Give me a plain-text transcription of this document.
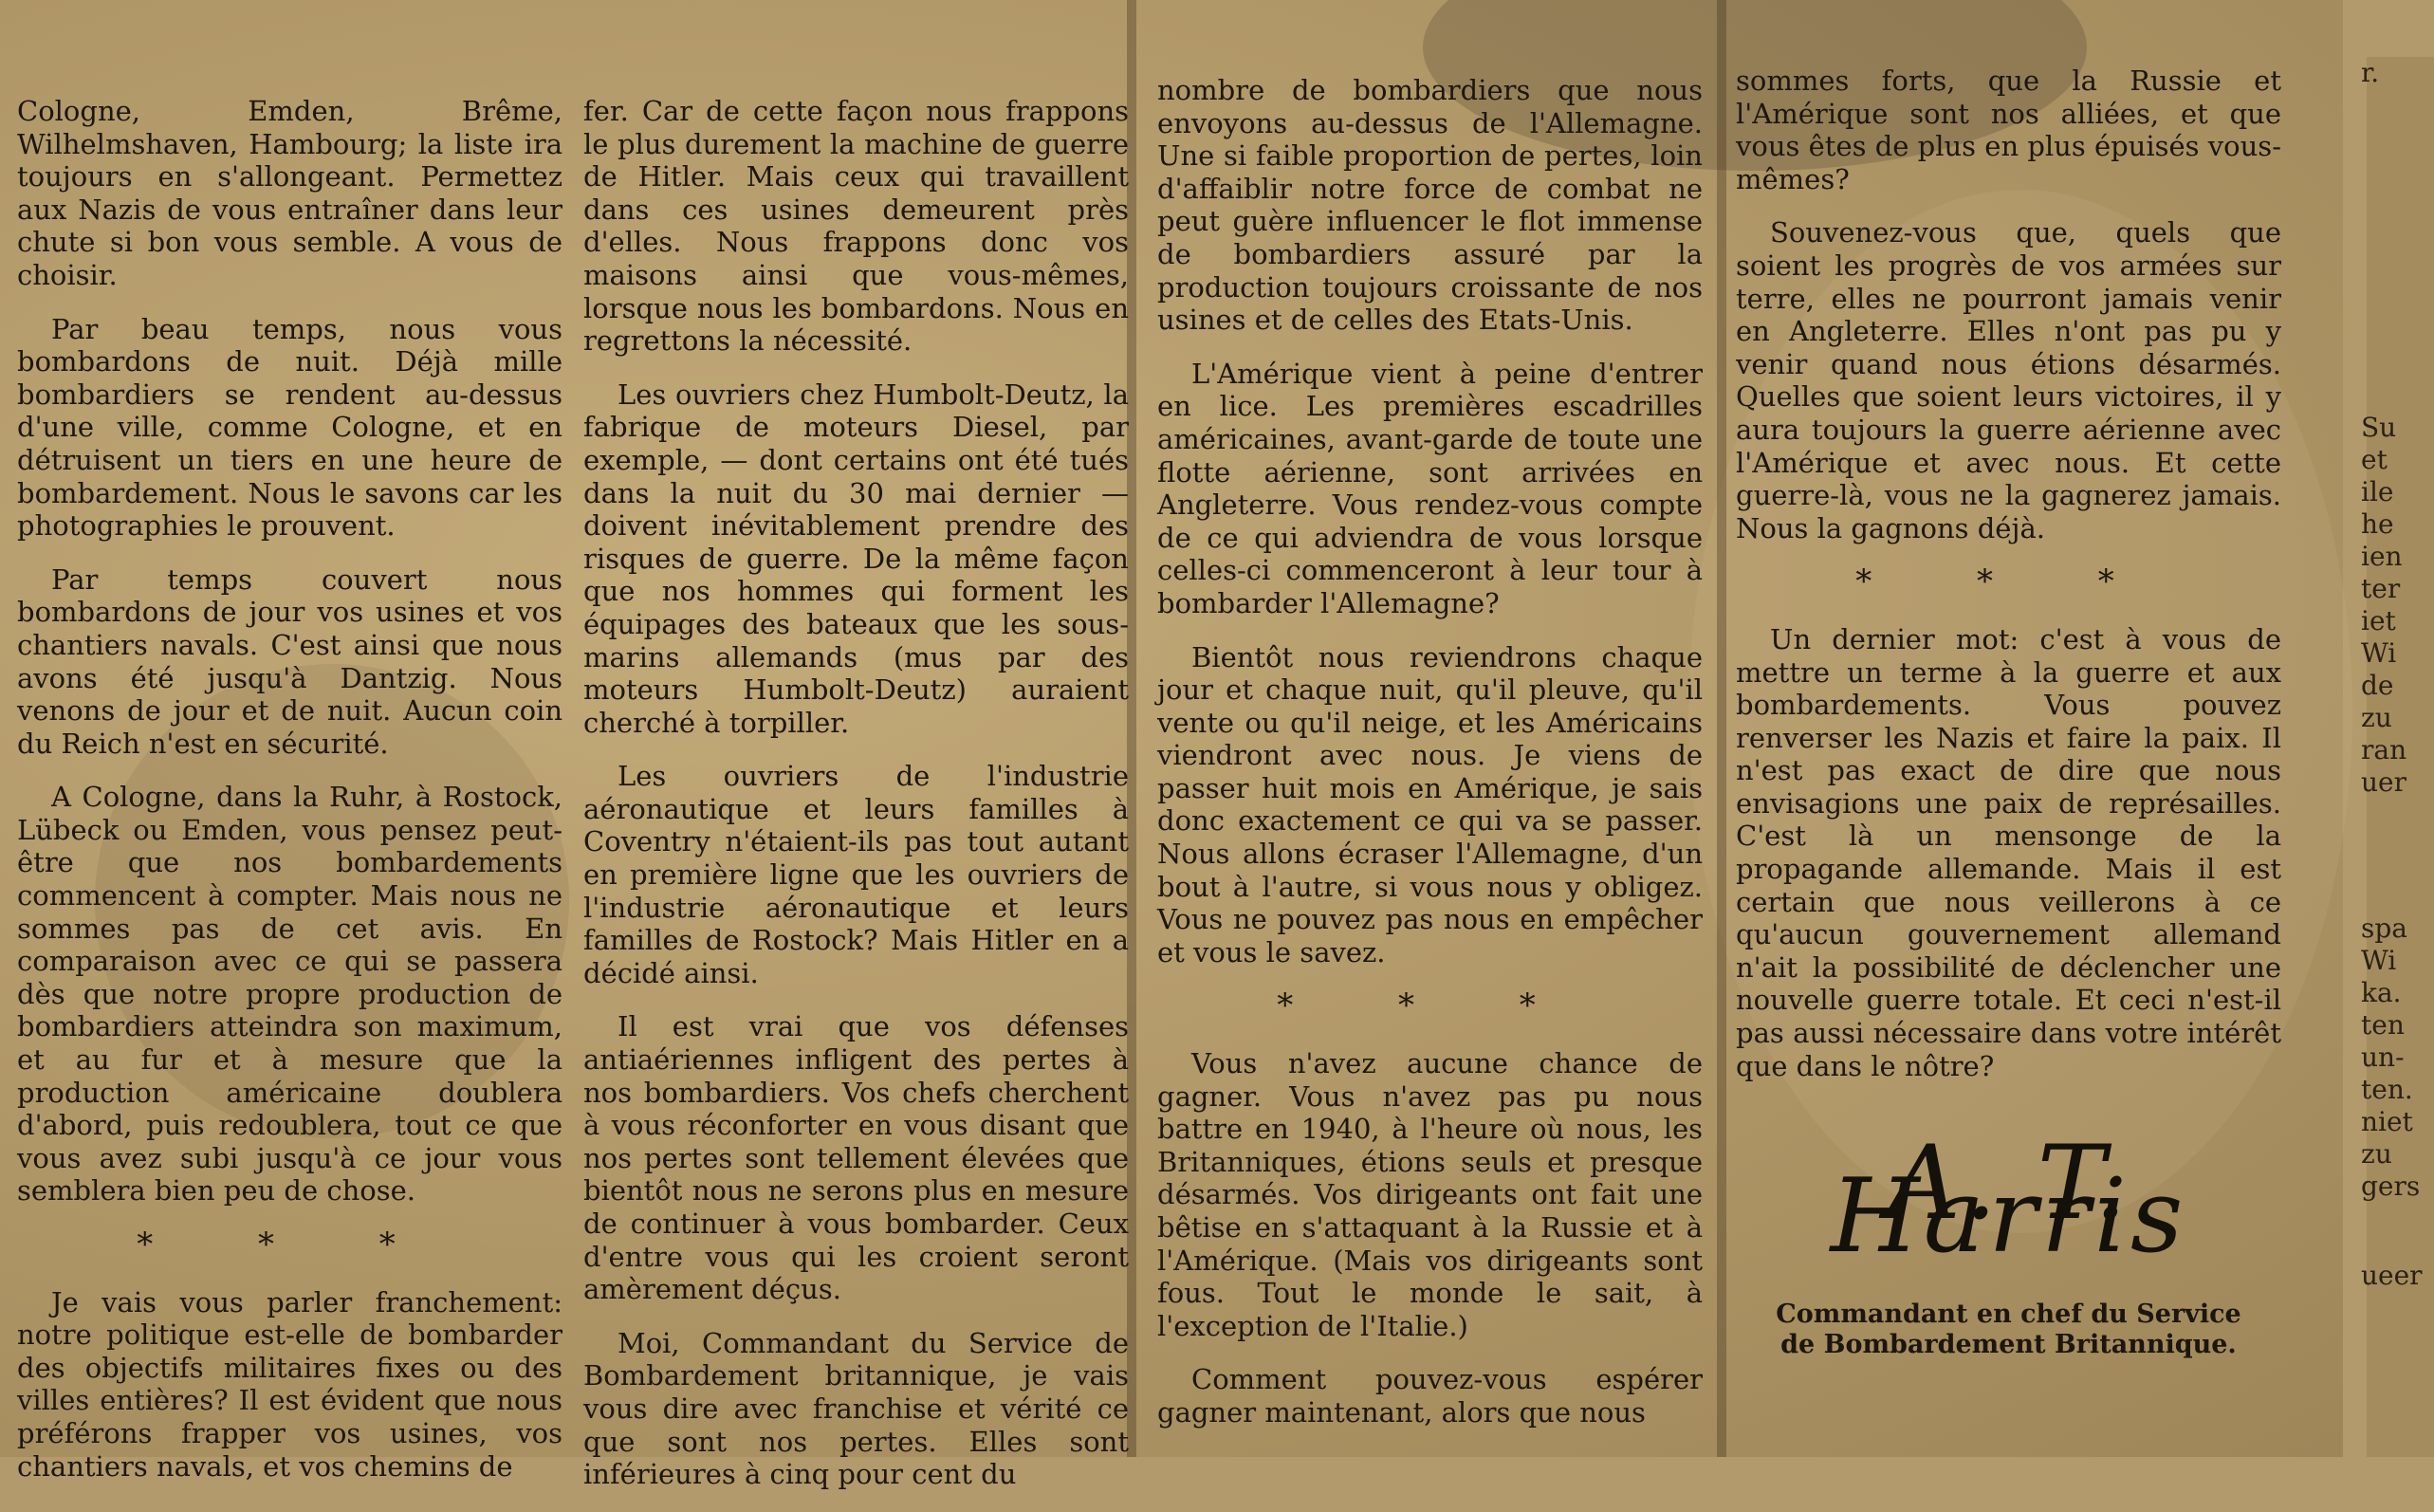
Cologne, Emden, Brême, Wilhelmshaven, Hambourg; la liste ira toujours en s'allongeant. Permettez aux Nazis de vous entraîner dans leur chute si bon vous semble. A vous de choisir.

Par beau temps, nous vous bombardons de nuit. Déjà mille bombardiers se rendent au-dessus d'une ville, comme Cologne, et en détruisent un tiers en une heure de bombardement. Nous le savons car les photographies le prouvent.

Par temps couvert nous bombardons de jour vos usines et vos chantiers navals. C'est ainsi que nous avons été jusqu'à Dantzig. Nous venons de jour et de nuit. Aucun coin du Reich n'est en sécurité.

A Cologne, dans la Ruhr, à Rostock, Lübeck ou Emden, vous pensez peut-être que nos bombardements commencent à compter. Mais nous ne sommes pas de cet avis. En comparaison avec ce qui se passera dès que notre propre production de bombardiers atteindra son maximum, et au fur et à mesure que la production américaine doublera d'abord, puis redoublera, tout ce que vous avez subi jusqu'à ce jour vous semblera bien peu de chose.

* * *

Je vais vous parler franchement: notre politique est-elle de bombarder des objectifs militaires fixes ou des villes entières? Il est évident que nous préférons frapper vos usines, vos chantiers navals, et vos chemins de

fer. Car de cette façon nous frappons le plus durement la machine de guerre de Hitler. Mais ceux qui travaillent dans ces usines demeurent près d'elles. Nous frappons donc vos maisons ainsi que vous-mêmes, lorsque nous les bombardons. Nous en regrettons la nécessité.

Les ouvriers chez Humbolt-Deutz, la fabrique de moteurs Diesel, par exemple, — dont certains ont été tués dans la nuit du 30 mai dernier — doivent inévitablement prendre des risques de guerre. De la même façon que nos hommes qui forment les équipages des bateaux que les sous-marins allemands (mus par des moteurs Humbolt-Deutz) auraient cherché à torpiller.

Les ouvriers de l'industrie aéronautique et leurs familles à Coventry n'étaient-ils pas tout autant en première ligne que les ouvriers de l'industrie aéronautique et leurs familles de Rostock? Mais Hitler en a décidé ainsi.

Il est vrai que vos défenses antiaériennes infligent des pertes à nos bombardiers. Vos chefs cherchent à vous réconforter en vous disant que nos pertes sont tellement élevées que bientôt nous ne serons plus en mesure de continuer à vous bombarder. Ceux d'entre vous qui les croient seront amèrement déçus.

Moi, Commandant du Service de Bombardement britannique, je vais vous dire avec franchise et vérité ce que sont nos pertes. Elles sont inférieures à cinq pour cent du

nombre de bombardiers que nous envoyons au-dessus de l'Allemagne. Une si faible proportion de pertes, loin d'affaiblir notre force de combat ne peut guère influencer le flot immense de bombardiers assuré par la production toujours croissante de nos usines et de celles des Etats-Unis.

L'Amérique vient à peine d'entrer en lice. Les premières escadrilles américaines, avant-garde de toute une flotte aérienne, sont arrivées en Angleterre. Vous rendez-vous compte de ce qui adviendra de vous lorsque celles-ci commenceront à leur tour à bombarder l'Allemagne?

Bientôt nous reviendrons chaque jour et chaque nuit, qu'il pleuve, qu'il vente ou qu'il neige, et les Américains viendront avec nous. Je viens de passer huit mois en Amérique, je sais donc exactement ce qui va se passer. Nous allons écraser l'Allemagne, d'un bout à l'autre, si vous nous y obligez. Vous ne pouvez pas nous en empêcher et vous le savez.

* * *

Vous n'avez aucune chance de gagner. Vous n'avez pas pu nous battre en 1940, à l'heure où nous, les Britanniques, étions seuls et presque désarmés. Vos dirigeants ont fait une bêtise en s'attaquant à la Russie et à l'Amérique. (Mais vos dirigeants sont fous. Tout le monde le sait, à l'exception de l'Italie.)

Comment pouvez-vous espérer gagner maintenant, alors que nous

sommes forts, que la Russie et l'Amérique sont nos alliées, et que vous êtes de plus en plus épuisés vous-mêmes?

Souvenez-vous que, quels que soient les progrès de vos armées sur terre, elles ne pourront jamais venir en Angleterre. Elles n'ont pas pu y venir quand nous étions désarmés. Quelles que soient leurs victoires, il y aura toujours la guerre aérienne avec l'Amérique et avec nous. Et cette guerre-là, vous ne la gagnerez jamais. Nous la gagnons déjà.

* * *

Un dernier mot: c'est à vous de mettre un terme à la guerre et aux bombardements. Vous pouvez renverser les Nazis et faire la paix. Il n'est pas exact de dire que nous envisagions une paix de représailles. C'est là un mensonge de la propagande allemande. Mais il est certain que nous veillerons à ce qu'aucun gouvernement allemand n'ait la possibilité de déclencher une nouvelle guerre totale. Et ceci n'est-il pas aussi nécessaire dans votre intérêt que dans le nôtre?

A. T. Harris
Commandant en chef du Service
de Bombardement Britannique.
r.
Su
et
ile
he
ien
ter
iet
Wi
de
zu
ran
uer
spa
Wi
ka.
ten
un-
ten.
niet
zu
gers
ueer
